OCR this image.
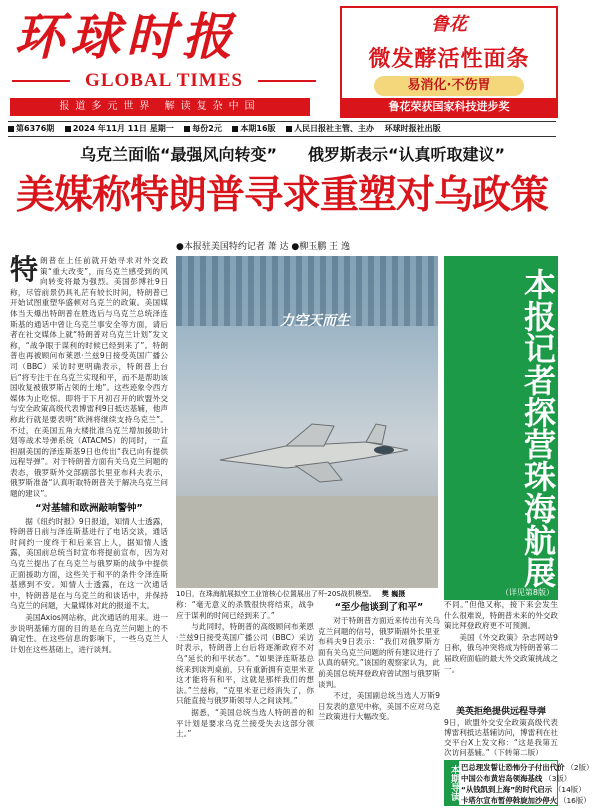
环球时报
GLOBAL TIMES
报道多元世界 解读复杂中国
鲁花
微发酵活性面条
易消化·不伤胃
鲁花荣获国家科技进步奖
第6376期 2024 年11月 11日 星期一 每份2元 本期16版 人民日报社主管、主办 环球时报社出版
乌克兰面临“最强风向转变” 俄罗斯表示“认真听取建议”
美媒称特朗普寻求重塑对乌政策
●本报驻美国特约记者 萧 达 ●柳玉鹏 王 逸

特朗普在上任前就开始寻求对外交政策“重大改变”，而乌克兰感受到的风向转变将最为强烈。美国彭博社9日称，尽管前景仍具礼茫有较长时间，特朗普已开始试图重塑华盛顿对乌克兰的政策。美国媒体当天爆出特朗普在胜选后与乌克兰总统泽连斯基的通话中曾让乌克兰事安全等方面，请后者在社交媒体上就“特朗普对乌克兰计划”发文称，“战争眼于谋利的时候已经到来了”。特朗普也再被顾问布莱恩·兰兹9日接受英国广播公司（BBC）采访时更明确表示，特朗普上台后“将专注于在乌克兰实现和平，而不是帮助该国收复被俄罗斯占领的土地”。这些迹象令西方媒体为止吃惊。即将于下月初召开的欧盟外交与安全政策高级代表博雷利9日抵达基辅，他声称此行就是要表明“欧洲将继续支持乌克兰”。不过，在美国五角大楼批准乌克兰增加援助计划等战术导弹系统（ATACMS）的同时，一直担副美国的泽连斯基9日也传出“我已向有提供远程导弹”。对于特朗普方面有关乌克兰问题的表态，俄罗斯外交部副部长里亚布科夫表示，俄罗斯准备“认真听取特朗普关于解决乌克兰问题的建议”。

“对基辅和欧洲敲响警钟”

据《纽约时报》9日报道，知情人士透露，特朗普日前与泽连斯基进行了电话交谈，通话时间约一度终于和后来宫上人，据知情人透露，美国前总统当时宣布将提前宣布，因为对乌克兰提出了在乌克兰与俄罗斯的战争中提供正面援助方面，这些关于和平的条件令泽连斯基感到不安。知情人士透露，在这一次通话中，特朗普是在与乌克兰的和谈话中，并保持乌克兰的问题，大量媒体对此的报道不太。

美国Axios网站称，此次通话的用来。进一步说明基辅方面的目的是在乌克兰问题上的不确定性。在这些信息的影响下，一些乌克兰人计划在这些基础上，进行谈判。

力空天而生
10日，在珠海航展拟空工业馆核心位置展出了歼-20S战机模型。 樊 巍摄
本报记者探营珠海航展
（详见第8版）

称：“毫无意义的杀戮很快将结束，战争应于谋利的时间已经到来了。”

与此同时，特朗普的高级顾问布莱恩·兰兹9日接受英国广播公司（BBC）采访时表示，特朗普上台后将逐渐政府不对乌“延长的和平状态”。“如果泽连斯基总统来到谈判桌前，只有重新拥有克里米亚这才能将有和平，这就是那样我们的想法。”兰兹称，“克里米亚已经消失了，你只能直接与俄罗斯领导人之间谈判。”

据悉，“美国总统当选人特朗普的和平计划是要求乌克兰接受失去这部分领土。”

“至少他谈到了和平”

对于特朗普方面近来传出有关乌克兰问题的信号，俄罗斯副外长里亚布科夫9日表示：“我们对俄罗斯方面有关乌克兰问题的所有建议进行了认真的研究。”该国的观察家认为，此前美国总统拜登政府曾试图与俄罗斯谈判。

不过，美国副总统当选人万斯9日发表的意见中称，美国不应对乌克兰政策进行大幅改变。

不同。”但他又称，接下来会发生什么很难说，特朗普未来的外交政策比拜登政府更不可预测。

美国《外交政策》杂志网站9日称，俄乌冲突将成为特朗普第二届政府面临的最大外交政策挑战之一。

美英拒绝提供远程导弹
9日，欧盟外交安全政策高级代表博雷利抵达基辅访问，博雷利在社交平台X上发文称：“这是我第五次访问基辅。”（下转第二版）
本期导读 巴总理发誓让恐怖分子付出代价 （2版）
中国公布黄岩岛领海基线 （3版）
“从钱凯到上海”的时代启示 （14版）
卡塔尔宣布暂停斡旋加沙停火 （16版）
